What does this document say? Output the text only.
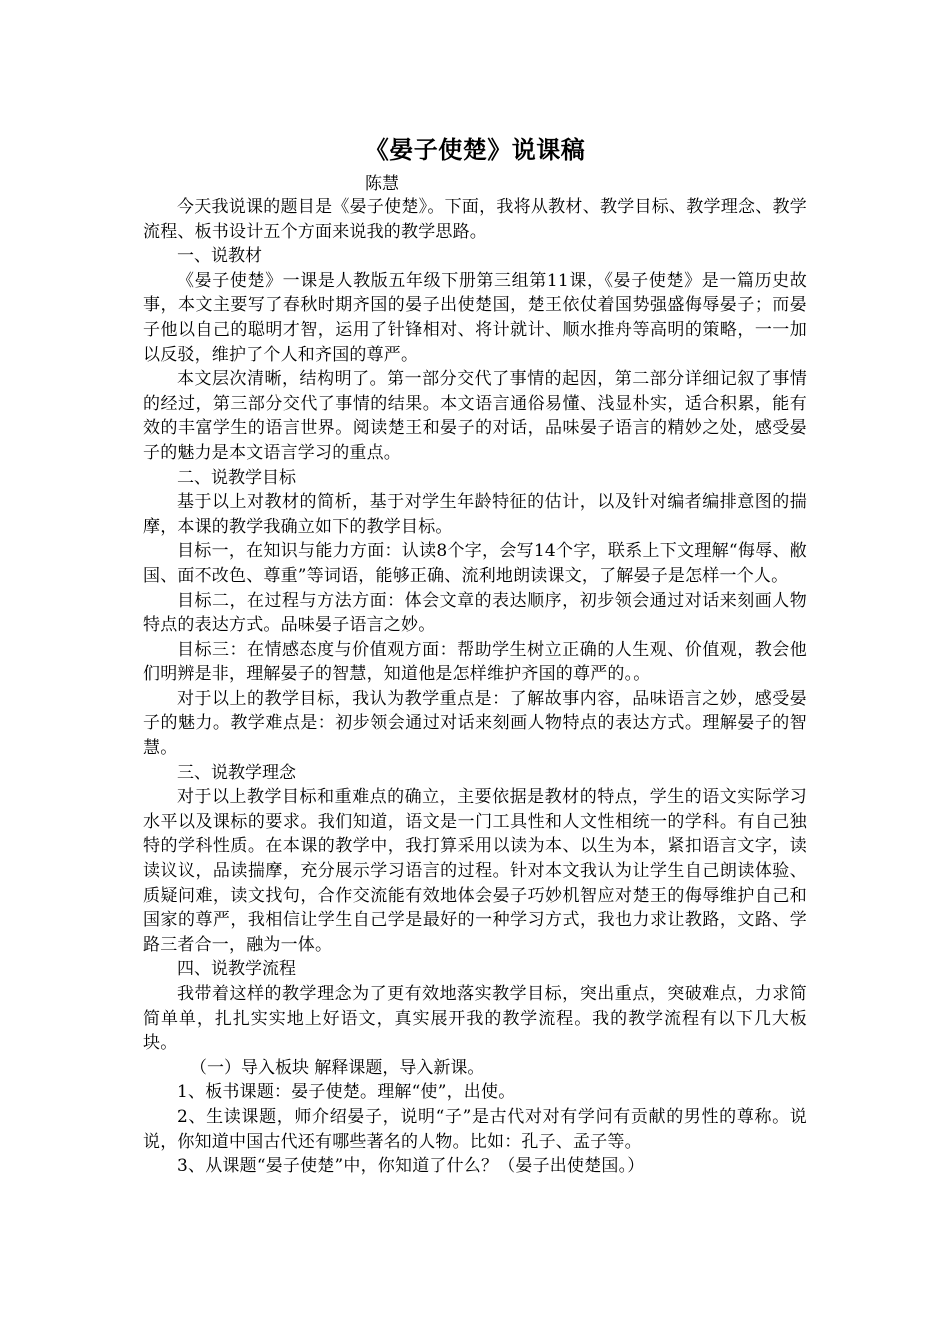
《晏子使楚》说课稿

陈慧

今天我说课的题目是《晏子使楚》。下面，我将从教材、教学目标、教学理念、教学流程、板书设计五个方面来说我的教学思路。

一、说教材

《晏子使楚》一课是人教版五年级下册第三组第11课，《晏子使楚》是一篇历史故事，本文主要写了春秋时期齐国的晏子出使楚国，楚王依仗着国势强盛侮辱晏子；而晏子他以自己的聪明才智，运用了针锋相对、将计就计、顺水推舟等高明的策略，一一加以反驳，维护了个人和齐国的尊严。

本文层次清晰，结构明了。第一部分交代了事情的起因，第二部分详细记叙了事情的经过，第三部分交代了事情的结果。本文语言通俗易懂、浅显朴实，适合积累，能有效的丰富学生的语言世界。阅读楚王和晏子的对话，品味晏子语言的精妙之处，感受晏子的魅力是本文语言学习的重点。

二、说教学目标

基于以上对教材的简析，基于对学生年龄特征的估计，以及针对编者编排意图的揣摩，本课的教学我确立如下的教学目标。

目标一，在知识与能力方面：认读8个字，会写14个字，联系上下文理解“侮辱、敝国、面不改色、尊重”等词语，能够正确、流利地朗读课文，了解晏子是怎样一个人。

目标二，在过程与方法方面：体会文章的表达顺序，初步领会通过对话来刻画人物特点的表达方式。品味晏子语言之妙。

目标三：在情感态度与价值观方面：帮助学生树立正确的人生观、价值观，教会他们明辨是非，理解晏子的智慧，知道他是怎样维护齐国的尊严的。。

对于以上的教学目标，我认为教学重点是：了解故事内容，品味语言之妙，感受晏子的魅力。教学难点是：初步领会通过对话来刻画人物特点的表达方式。理解晏子的智慧。

三、说教学理念

对于以上教学目标和重难点的确立，主要依据是教材的特点，学生的语文实际学习水平以及课标的要求。我们知道，语文是一门工具性和人文性相统一的学科。有自己独特的学科性质。在本课的教学中，我打算采用以读为本、以生为本，紧扣语言文字，读读议议，品读揣摩，充分展示学习语言的过程。针对本文我认为让学生自己朗读体验、质疑问难，读文找句，合作交流能有效地体会晏子巧妙机智应对楚王的侮辱维护自己和国家的尊严，我相信让学生自己学是最好的一种学习方式，我也力求让教路，文路、学路三者合一，融为一体。

四、说教学流程

我带着这样的教学理念为了更有效地落实教学目标，突出重点，突破难点，力求简简单单，扎扎实实地上好语文，真实展开我的教学流程。我的教学流程有以下几大板块。

（一）导入板块 解释课题，导入新课。

1、板书课题：晏子使楚。理解“使”，出使。

2、生读课题，师介绍晏子，说明“子”是古代对对有学问有贡献的男性的尊称。说说，你知道中国古代还有哪些著名的人物。比如：孔子、孟子等。

3、从课题“晏子使楚”中，你知道了什么？（晏子出使楚国。）
